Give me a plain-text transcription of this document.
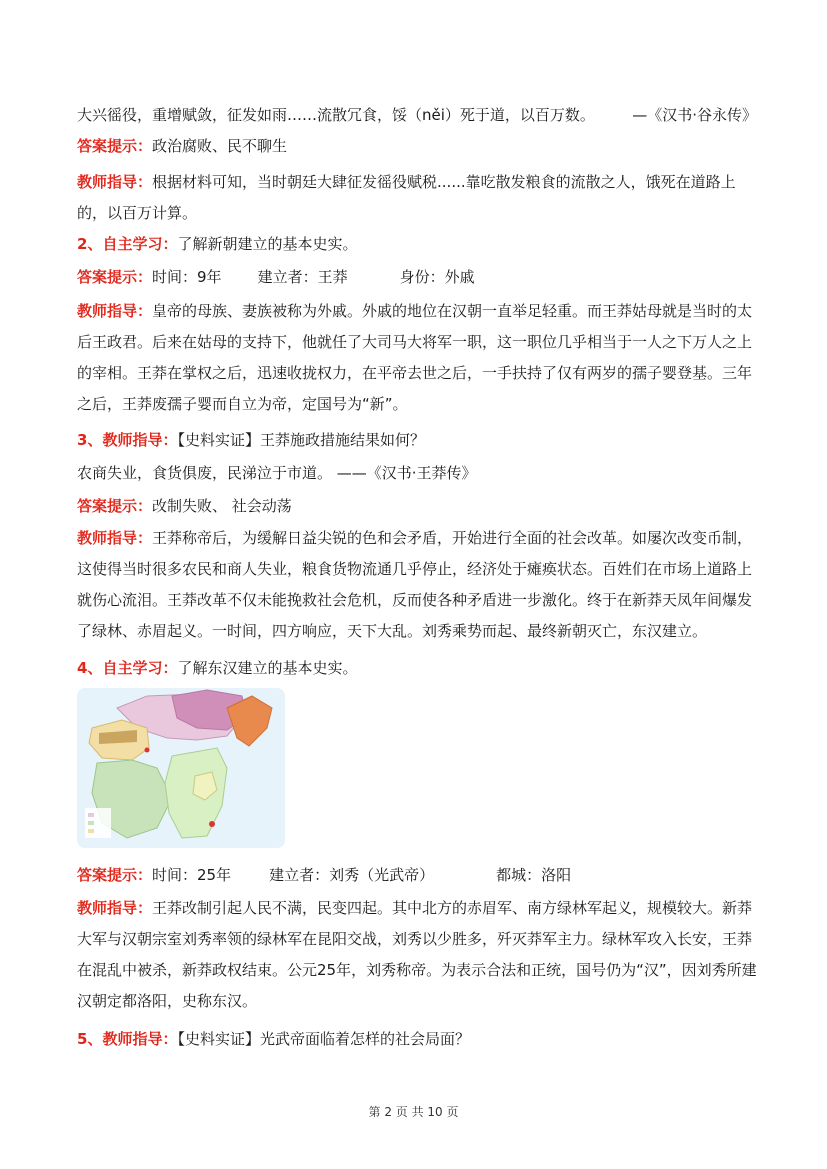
大兴徭役，重增赋敛，征发如雨……流散冗食，馁（něi）死于道，以百万数。 —《汉书·谷永传》
答案提示：政治腐败、民不聊生
教师指导：根据材料可知，当时朝廷大肆征发徭役赋税......靠吃散发粮食的流散之人，饿死在道路上的，以百万计算。
2、自主学习：了解新朝建立的基本史实。
答案提示：时间：9年 建立者：王莽	身份：外戚
教师指导：皇帝的母族、妻族被称为外戚。外戚的地位在汉朝一直举足轻重。而王莽姑母就是当时的太后王政君。后来在姑母的支持下，他就任了大司马大将军一职，这一职位几乎相当于一人之下万人之上的宰相。王莽在掌权之后，迅速收拢权力，在平帝去世之后，一手扶持了仅有两岁的孺子婴登基。三年之后，王莽废孺子婴而自立为帝，定国号为“新”。
3、教师指导：【史料实证】王莽施政措施结果如何？
农商失业，食货俱废，民涕泣于市道。 ——《汉书·王莽传》
答案提示：改制失败、 社会动荡
教师指导：王莽称帝后，为缓解日益尖锐的色和会矛盾，开始进行全面的社会改革。如屡次改变币制，这使得当时很多农民和商人失业，粮食货物流通几乎停止，经济处于瘫痪状态。百姓们在市场上道路上就伤心流泪。王莽改革不仅未能挽救社会危机，反而使各种矛盾进一步激化。终于在新莽天凤年间爆发了绿林、赤眉起义。一时间，四方响应，天下大乱。刘秀乘势而起、最终新朝灭亡，东汉建立。
4、自主学习：了解东汉建立的基本史实。
答案提示：时间：25年	建立者：刘秀（光武帝）	都城：洛阳
教师指导：王莽改制引起人民不满，民变四起。其中北方的赤眉军、南方绿林军起义，规模较大。新莽大军与汉朝宗室刘秀率领的绿林军在昆阳交战，刘秀以少胜多，歼灭莽军主力。绿林军攻入长安，王莽在混乱中被杀，新莽政权结束。公元25年，刘秀称帝。为表示合法和正统，国号仍为“汉”，因刘秀所建汉朝定都洛阳，史称东汉。
5、教师指导：【史料实证】光武帝面临着怎样的社会局面？
第 2 页 共 10 页
